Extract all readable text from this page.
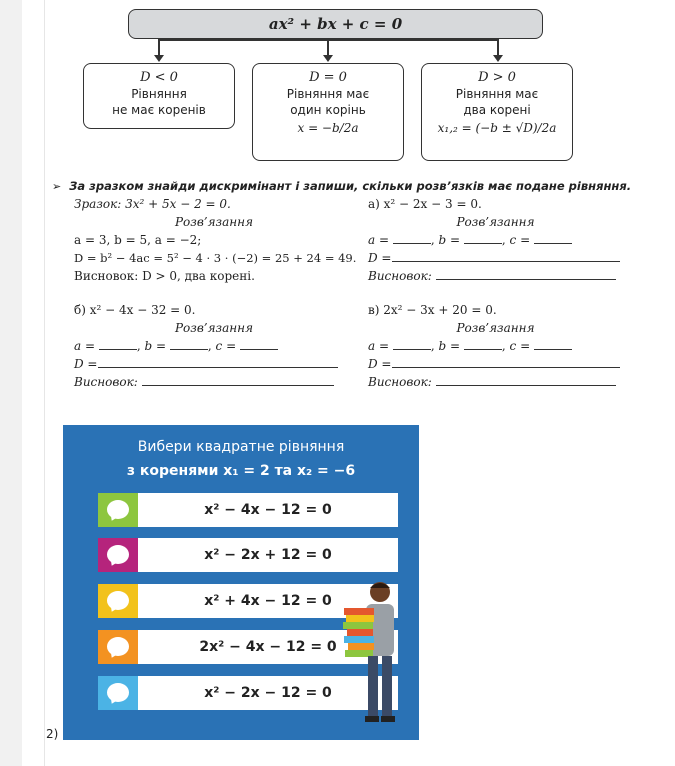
ax² + bx + c = 0
D < 0
Рівняння
не має коренів
D = 0
Рівняння має
один корінь
x = −b/2a
D > 0
Рівняння має
два корені
x₁,₂ = (−b ± √D)/2a
➢ За зразком знайди дискримінант і запиши, скільки розв’язків має подане рівняння.
Зразок: 3x² + 5x − 2 = 0.
Розв’язання
a = 3, b = 5, a = −2;
D = b² − 4ac = 5² − 4 · 3 · (−2) = 25 + 24 = 49.
Висновок: D > 0, два корені.
а) x² − 2x − 3 = 0.
Розв’язання
a =	, b =	, c =
D =
Висновок:
б) x² − 4x − 32 = 0.
Розв’язання
a =	, b =	, c =
D =
Висновок:
в) 2x² − 3x + 20 = 0.
Розв’язання
a =	, b =	, c =
D =
Висновок:
Вибери квадратне рівняння
з коренями x₁ = 2 та x₂ = −6
x² − 4x − 12 = 0
x² − 2x + 12 = 0
x² + 4x − 12 = 0
2x² − 4x − 12 = 0
x² − 2x − 12 = 0
2)
